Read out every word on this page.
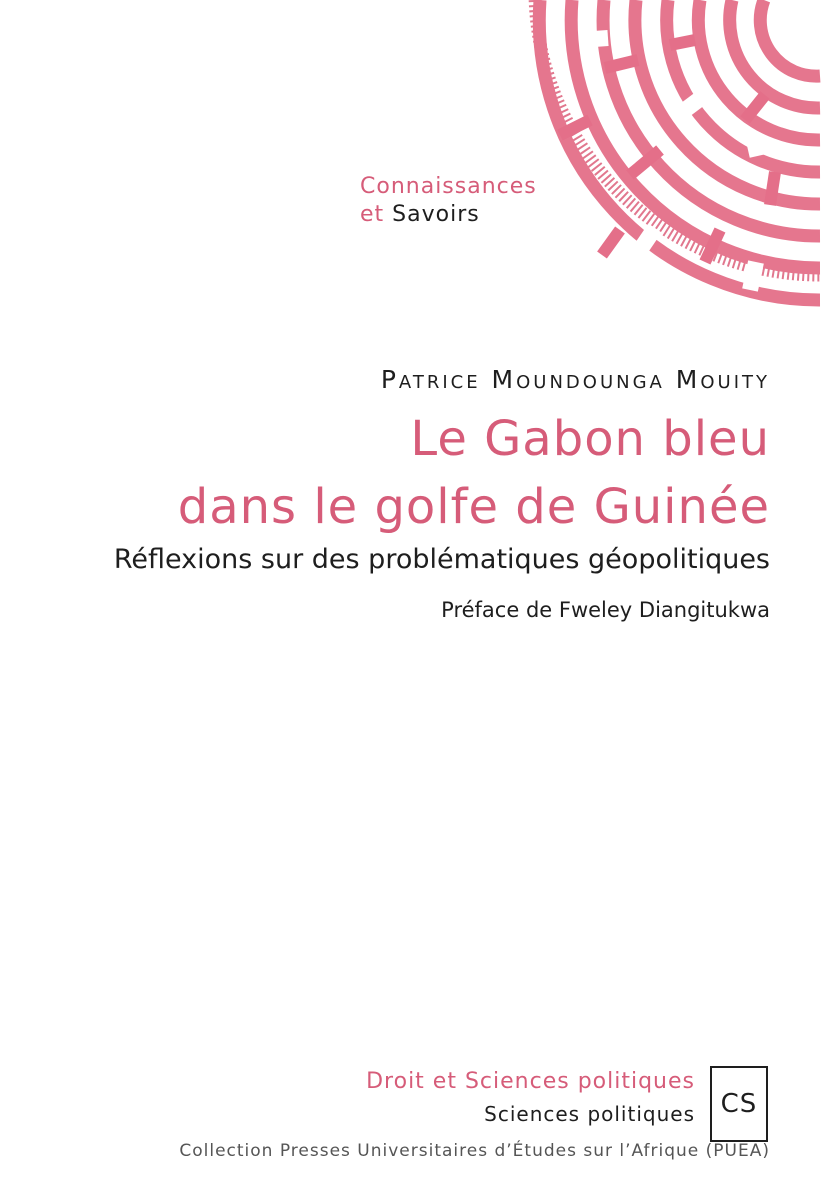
Connaissances
et Savoirs
Patrice Moundounga Mouity
Le Gabon bleu
dans le golfe de Guinée
Réflexions sur des problématiques géopolitiques
Préface de Fweley Diangitukwa
Droit et Sciences politiques
Sciences politiques CS
Collection Presses Universitaires d’Études sur l’Afrique (PUEA)
